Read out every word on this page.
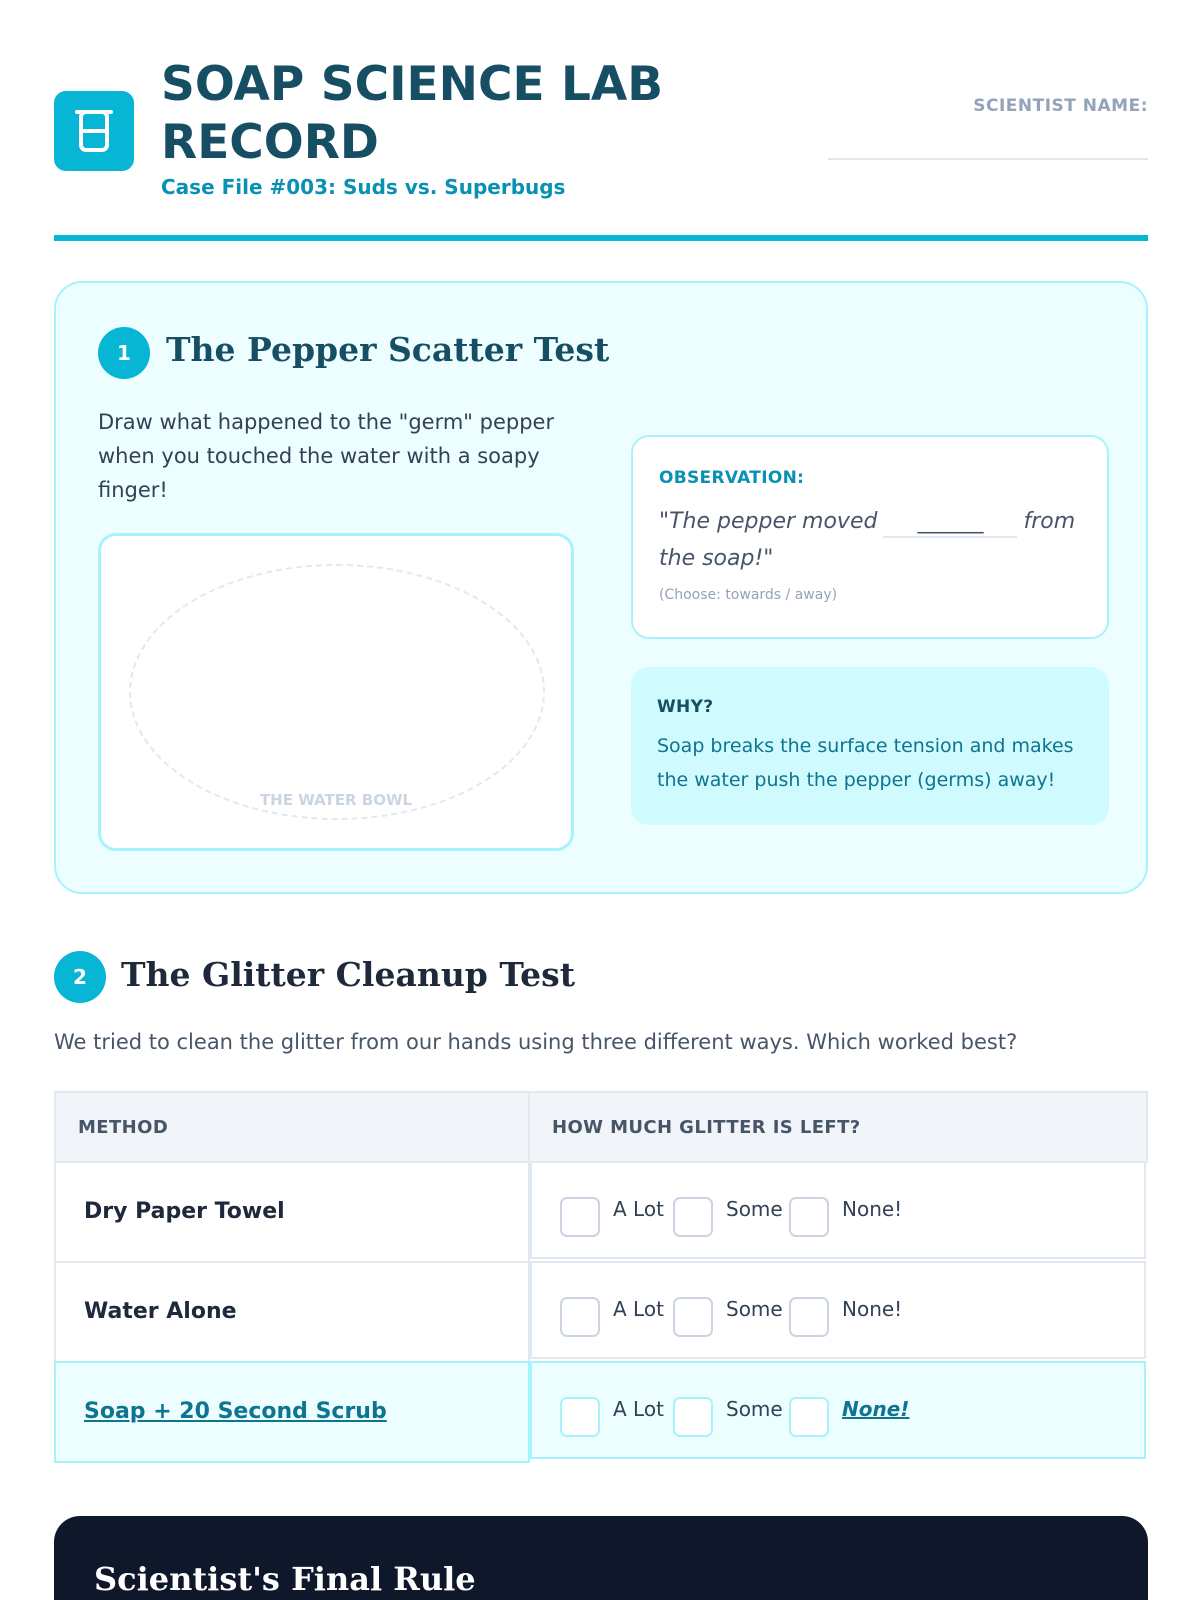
SOAP SCIENCE LAB RECORD
Case File #003: Suds vs. Superbugs
SCIENTIST NAME:
1	The Pepper Scatter Test
Draw what happened to the "germ" pepper when you touched the water with a soapy finger!
THE WATER BOWL
OBSERVATION:
"The pepper moved ______ from the soap!"
(Choose: towards / away)
WHY?
Soap breaks the surface tension and makes the water push the pepper (germs) away!
2	The Glitter Cleanup Test
We tried to clean the glitter from our hands using three different ways. Which worked best?
METHOD	HOW MUCH GLITTER IS LEFT?
Dry Paper Towel	A Lot	Some	None!
Water Alone	A Lot	Some	None!
Soap + 20 Second Scrub	A Lot	Some	None!
Scientist's Final Rule
